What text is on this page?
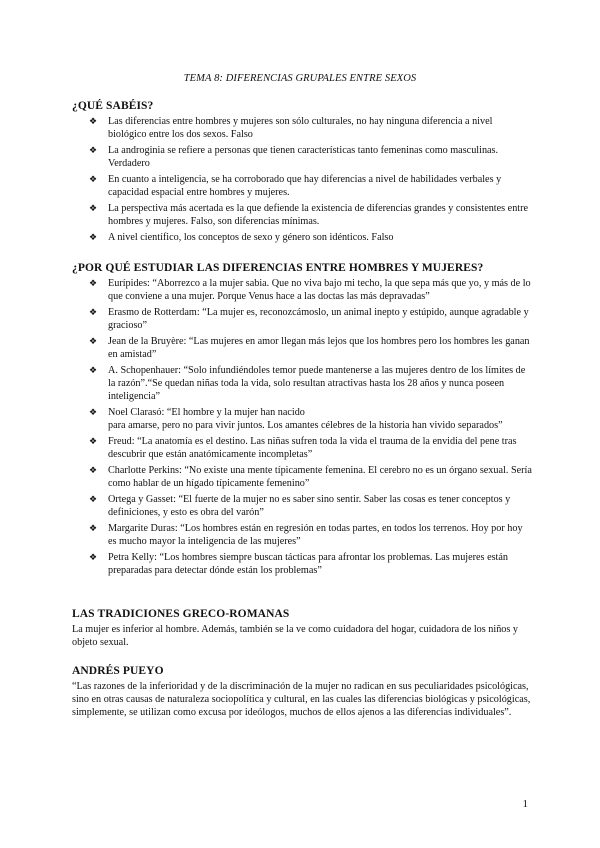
TEMA 8: DIFERENCIAS GRUPALES ENTRE SEXOS
¿QUÉ SABÉIS?
❖ Las diferencias entre hombres y mujeres son sólo culturales, no hay ninguna diferencia a nivel biológico entre los dos sexos. Falso
❖ La androginia se refiere a personas que tienen características tanto femeninas como masculinas. Verdadero
❖ En cuanto a inteligencia, se ha corroborado que hay diferencias a nivel de habilidades verbales y capacidad espacial entre hombres y mujeres.
❖ La perspectiva más acertada es la que defiende la existencia de diferencias grandes y consistentes entre hombres y mujeres. Falso, son diferencias mínimas.
❖ A nivel científico, los conceptos de sexo y género son idénticos. Falso
¿POR QUÉ ESTUDIAR LAS DIFERENCIAS ENTRE HOMBRES Y MUJERES?
❖ Eurípides: “Aborrezco a la mujer sabia. Que no viva bajo mi techo, la que sepa más que yo, y más de lo que conviene a una mujer. Porque Venus hace a las doctas las más depravadas”
❖ Erasmo de Rotterdam: “La mujer es, reconozcámoslo, un animal inepto y estúpido, aunque agradable y gracioso”
❖ Jean de la Bruyère: “Las mujeres en amor llegan más lejos que los hombres pero los hombres les ganan en amistad”
❖ A. Schopenhauer: “Solo infundiéndoles temor puede mantenerse a las mujeres dentro de los límites de la razón”.“Se quedan niñas toda la vida, solo resultan atractivas hasta los 28 años y nunca poseen inteligencia”
❖ Noel Clarasó: “El hombre y la mujer han nacido
para amarse, pero no para vivir juntos. Los amantes célebres de la historia han vivido separados”
❖ Freud: “La anatomía es el destino. Las niñas sufren toda la vida el trauma de la envidia del pene tras descubrir que están anatómicamente incompletas”
❖ Charlotte Perkins: “No existe una mente típicamente femenina. El cerebro no es un órgano sexual. Sería como hablar de un hígado típicamente femenino”
❖ Ortega y Gasset: “El fuerte de la mujer no es saber sino sentir. Saber las cosas es tener conceptos y definiciones, y esto es obra del varón”
❖ Margarite Duras: “Los hombres están en regresión en todas partes, en todos los terrenos. Hoy por hoy es mucho mayor la inteligencia de las mujeres”
❖ Petra Kelly: “Los hombres siempre buscan tácticas para afrontar los problemas. Las mujeres están preparadas para detectar dónde están los problemas”
LAS TRADICIONES GRECO-ROMANAS

La mujer es inferior al hombre. Además, también se la ve como cuidadora del hogar, cuidadora de los niños y objeto sexual.

ANDRÉS PUEYO

“Las razones de la inferioridad y de la discriminación de la mujer no radican en sus peculiaridades psicológicas, sino en otras causas de naturaleza sociopolítica y cultural, en las cuales las diferencias biológicas y psicológicas, simplemente, se utilizan como excusa por ideólogos, muchos de ellos ajenos a las diferencias individuales”.

1
